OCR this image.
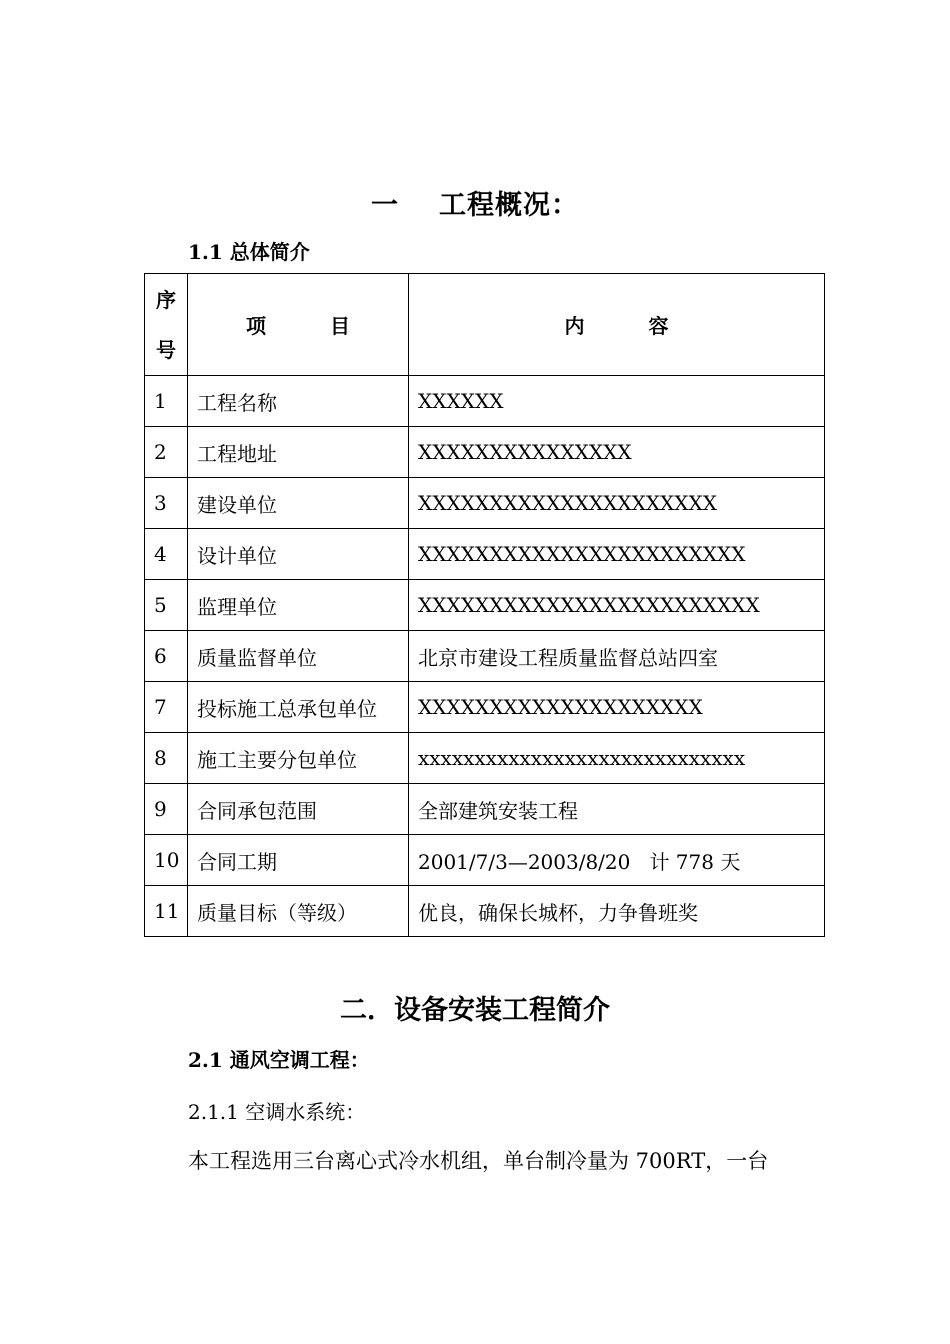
一 工程概况：
1.1 总体简介
序
号	项 目	内 容
1	工程名称	XXXXXX
2	工程地址	XXXXXXXXXXXXXXX
3	建设单位	XXXXXXXXXXXXXXXXXXXXX
4	设计单位	XXXXXXXXXXXXXXXXXXXXXXX
5	监理单位	XXXXXXXXXXXXXXXXXXXXXXXX
6	质量监督单位	北京市建设工程质量监督总站四室
7	投标施工总承包单位	XXXXXXXXXXXXXXXXXXXX
8	施工主要分包单位	xxxxxxxxxxxxxxxxxxxxxxxxxxxxx
9	合同承包范围	全部建筑安装工程
10	合同工期	2001/7/3—2003/8/20   计 778 天
11	质量目标（等级）	优良，确保长城杯，力争鲁班奖
二．设备安装工程简介
2.1 通风空调工程：
2.1.1 空调水系统：
本工程选用三台离心式冷水机组，单台制冷量为 700RT，一台
